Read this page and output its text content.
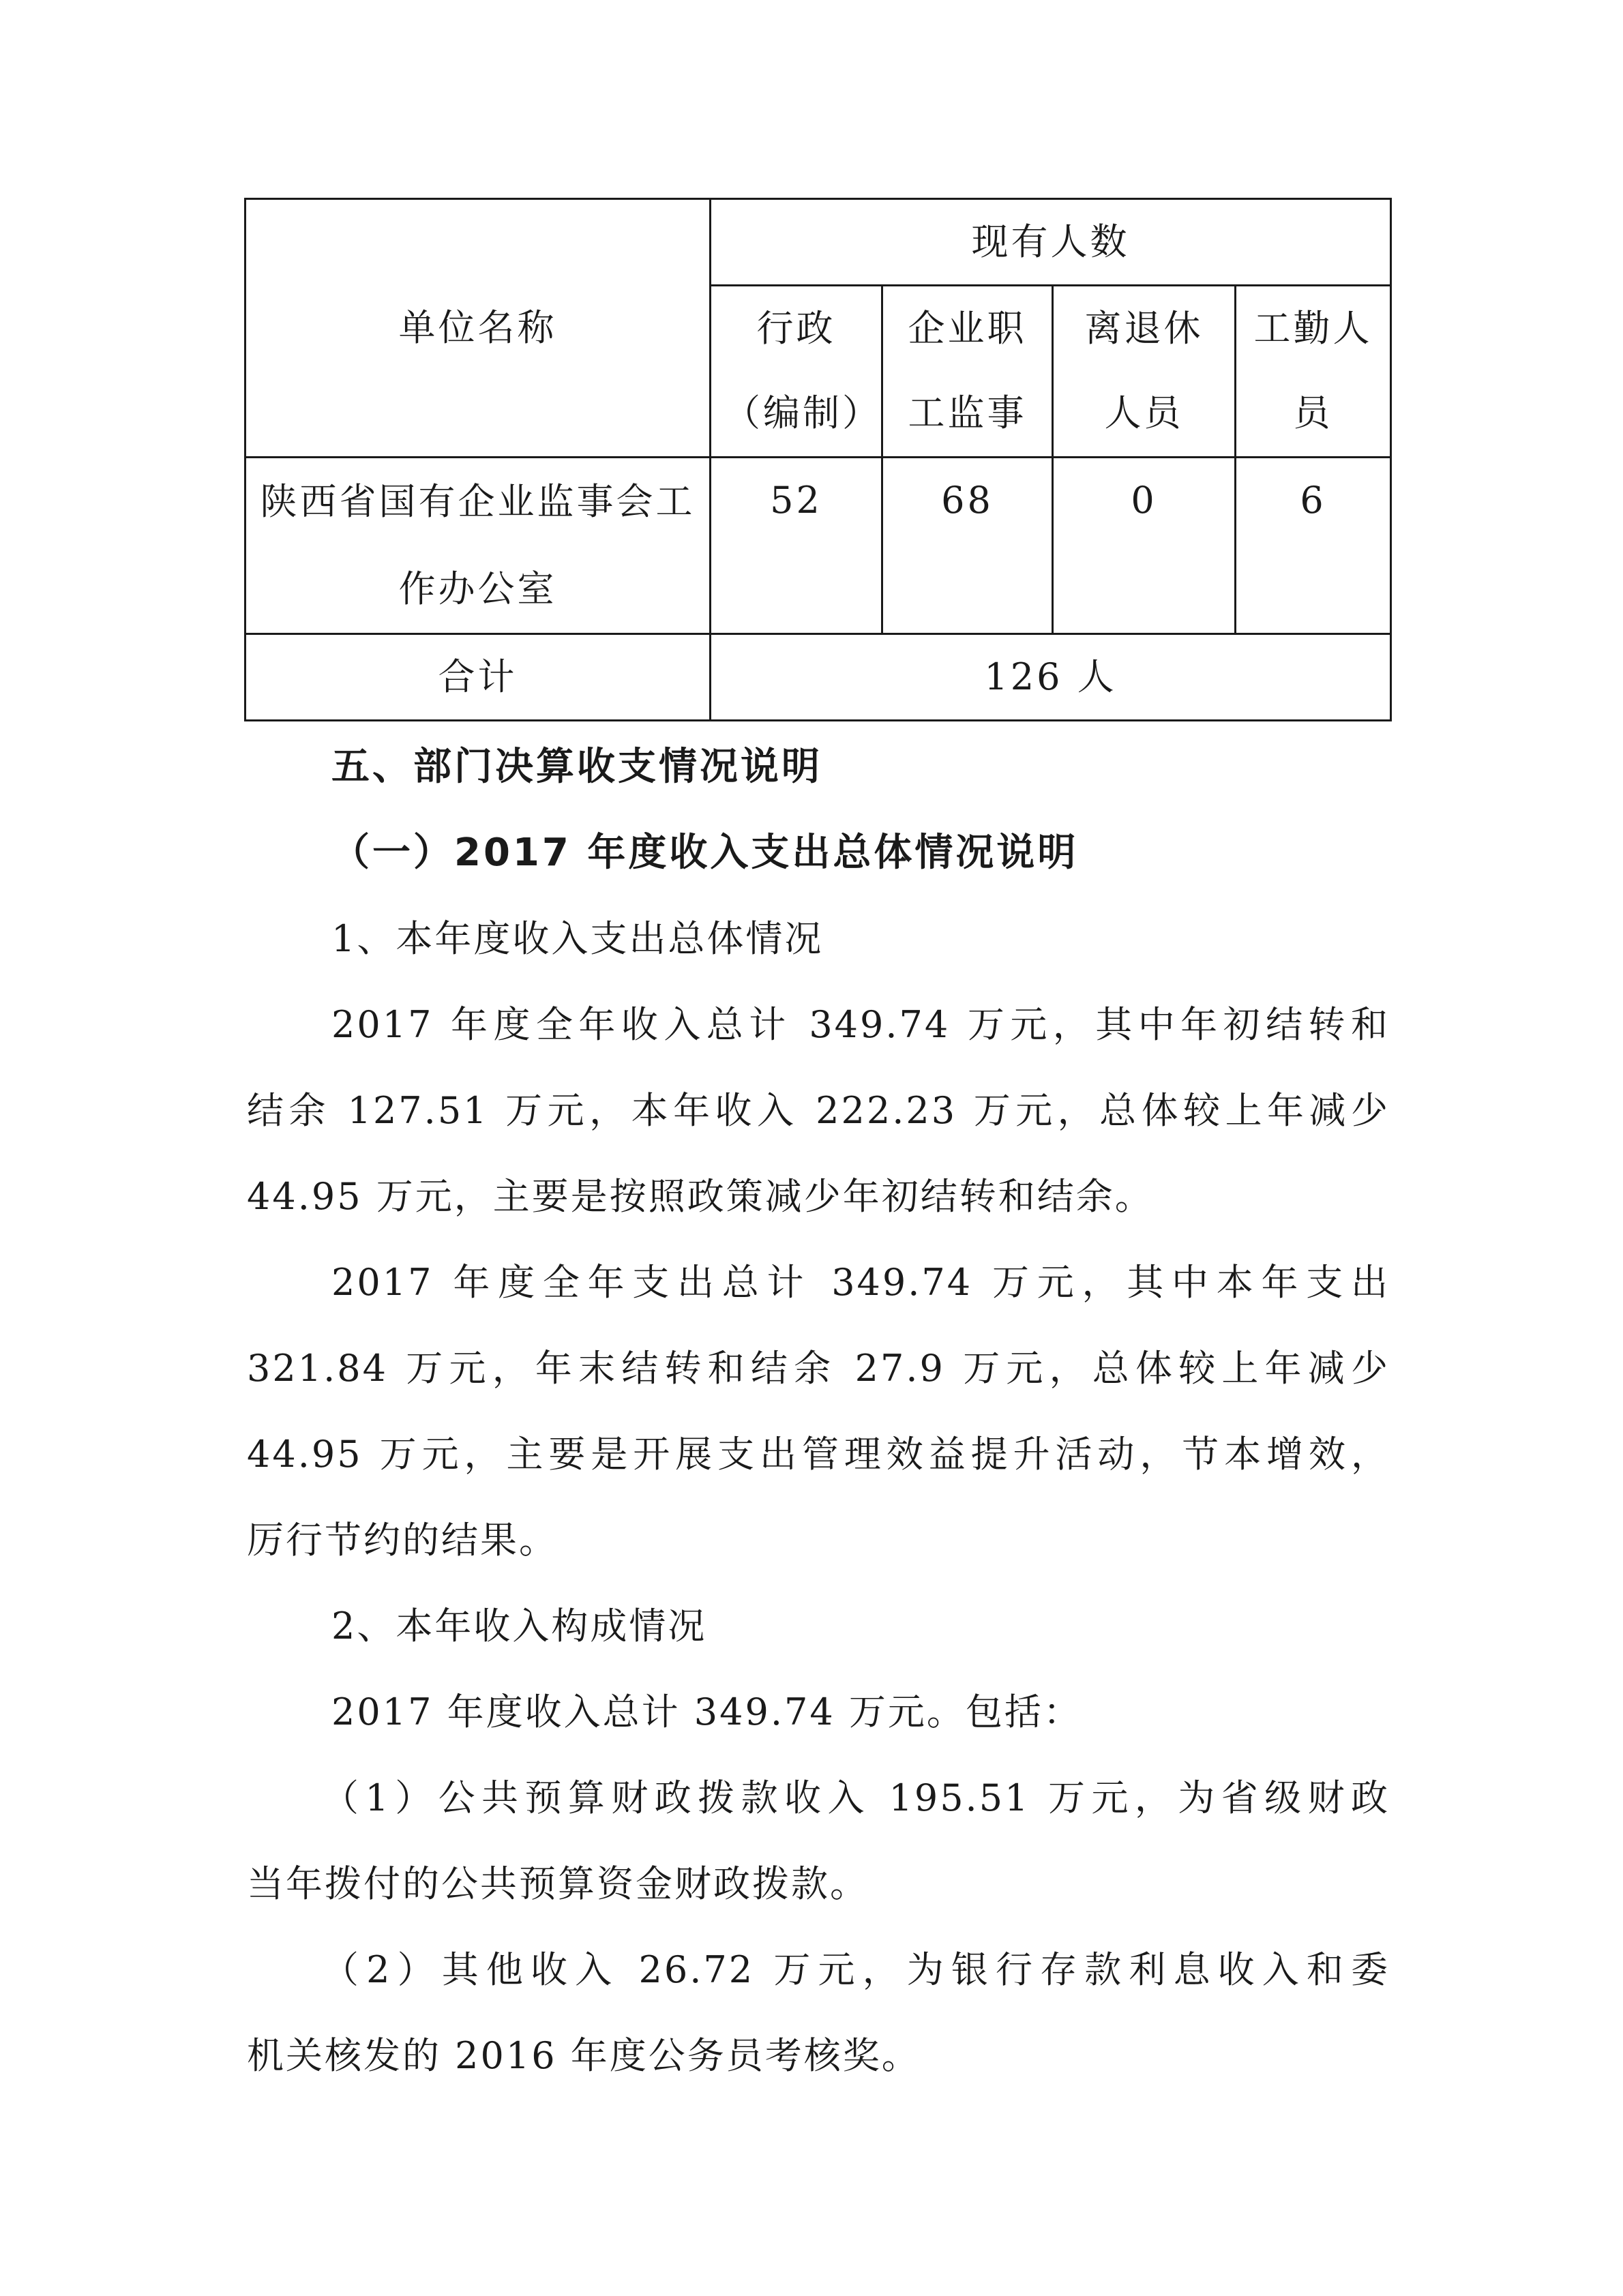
单位名称	现有人数			
	行政（编制）	企业职工监事	离退休人员	工勤人员
陕西省国有企业监事会工作办公室	52	68	0	6
合计	126 人			
五、部门决算收支情况说明
（一）2017 年度收入支出总体情况说明
1、本年度收入支出总体情况
2017 年度全年收入总计 349.74 万元，其中年初结转和
结余 127.51 万元，本年收入 222.23 万元，总体较上年减少
44.95 万元，主要是按照政策减少年初结转和结余。
2017 年度全年支出总计 349.74 万元，其中本年支出
321.84 万元，年末结转和结余 27.9 万元，总体较上年减少
44.95 万元，主要是开展支出管理效益提升活动，节本增效，
厉行节约的结果。
2、本年收入构成情况
2017 年度收入总计 349.74 万元。包括：
（1）公共预算财政拨款收入 195.51 万元，为省级财政
当年拨付的公共预算资金财政拨款。
（2）其他收入 26.72 万元，为银行存款利息收入和委
机关核发的 2016 年度公务员考核奖。
